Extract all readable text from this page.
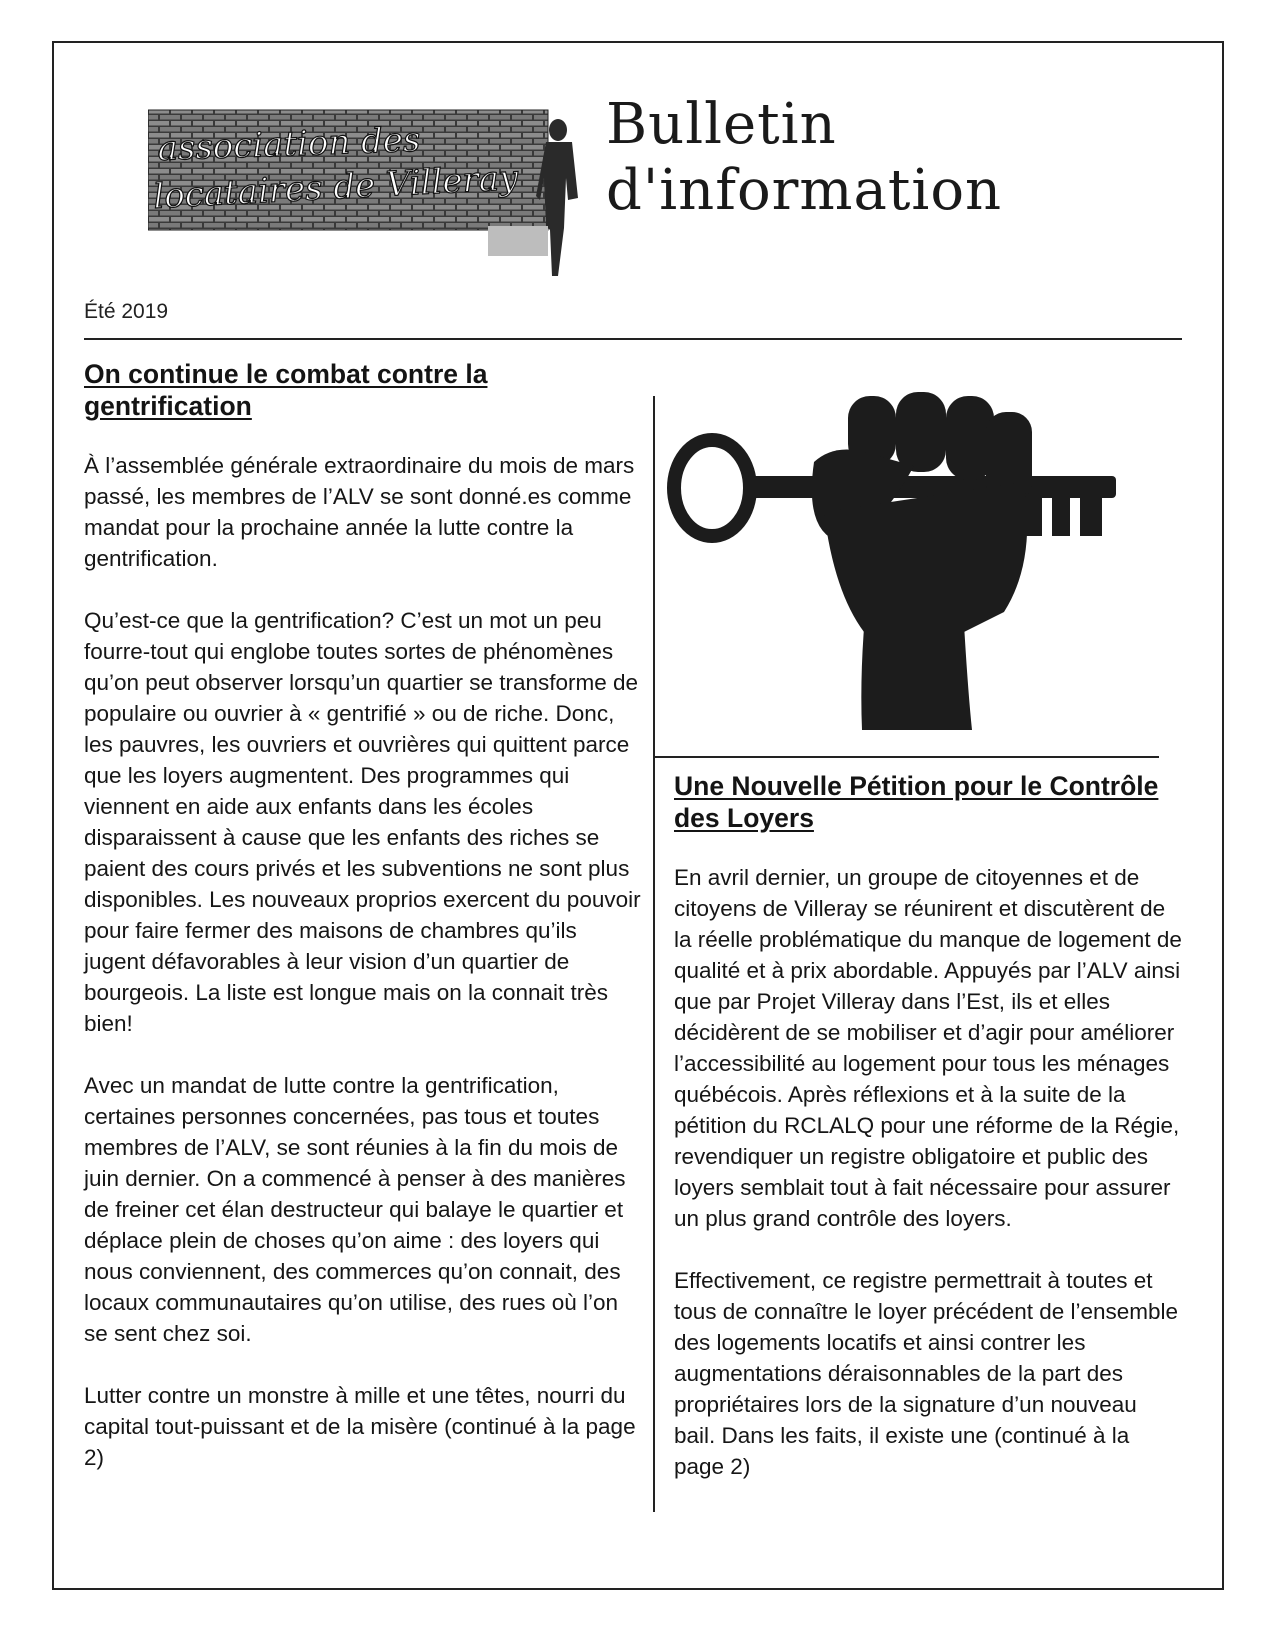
association des
locataires de Villeray
Bulletin
d'information
Été 2019
On continue le combat contre la gentrification

À l’assemblée générale extraordinaire du mois de mars passé, les membres de l’ALV se sont donné.es comme mandat pour la prochaine année la lutte contre la gentrification.

Qu’est-ce que la gentrification? C’est un mot un peu fourre-tout qui englobe toutes sortes de phénomènes qu’on peut observer lorsqu’un quartier se transforme de populaire ou ouvrier à « gentrifié » ou de riche. Donc, les pauvres, les ouvriers et ouvrières qui quittent parce que les loyers augmentent. Des programmes qui viennent en aide aux enfants dans les écoles disparaissent à cause que les enfants des riches se paient des cours privés et les subventions ne sont plus disponibles. Les nouveaux proprios exercent du pouvoir pour faire fermer des maisons de chambres qu’ils jugent défavorables à leur vision d’un quartier de bourgeois. La liste est longue mais on la connait très bien!

Avec un mandat de lutte contre la gentrification, certaines personnes concernées, pas tous et toutes membres de l’ALV, se sont réunies à la fin du mois de juin dernier. On a commencé à penser à des manières de freiner cet élan destructeur qui balaye le quartier et déplace plein de choses qu’on aime : des loyers qui nous conviennent, des commerces qu’on connait, des locaux communautaires qu’on utilise, des rues où l’on se sent chez soi.

Lutter contre un monstre à mille et une têtes, nourri du capital tout-puissant et de la misère (continué à la page 2)

Une Nouvelle Pétition pour le Contrôle des Loyers

En avril dernier, un groupe de citoyennes et de citoyens de Villeray se réunirent et discutèrent de la réelle problématique du manque de logement de qualité et à prix abordable. Appuyés par l’ALV ainsi que par Projet Villeray dans l’Est, ils et elles décidèrent de se mobiliser et d’agir pour améliorer l’accessibilité au logement pour tous les ménages québécois. Après réflexions et à la suite de la pétition du RCLALQ pour une réforme de la Régie, revendiquer un registre obligatoire et public des loyers semblait tout à fait nécessaire pour assurer un plus grand contrôle des loyers.

Effectivement, ce registre permettrait à toutes et tous de connaître le loyer précédent de l’ensemble des logements locatifs et ainsi contrer les augmentations déraisonnables de la part des propriétaires lors de la signature d’un nouveau bail. Dans les faits, il existe une (continué à la page 2)
